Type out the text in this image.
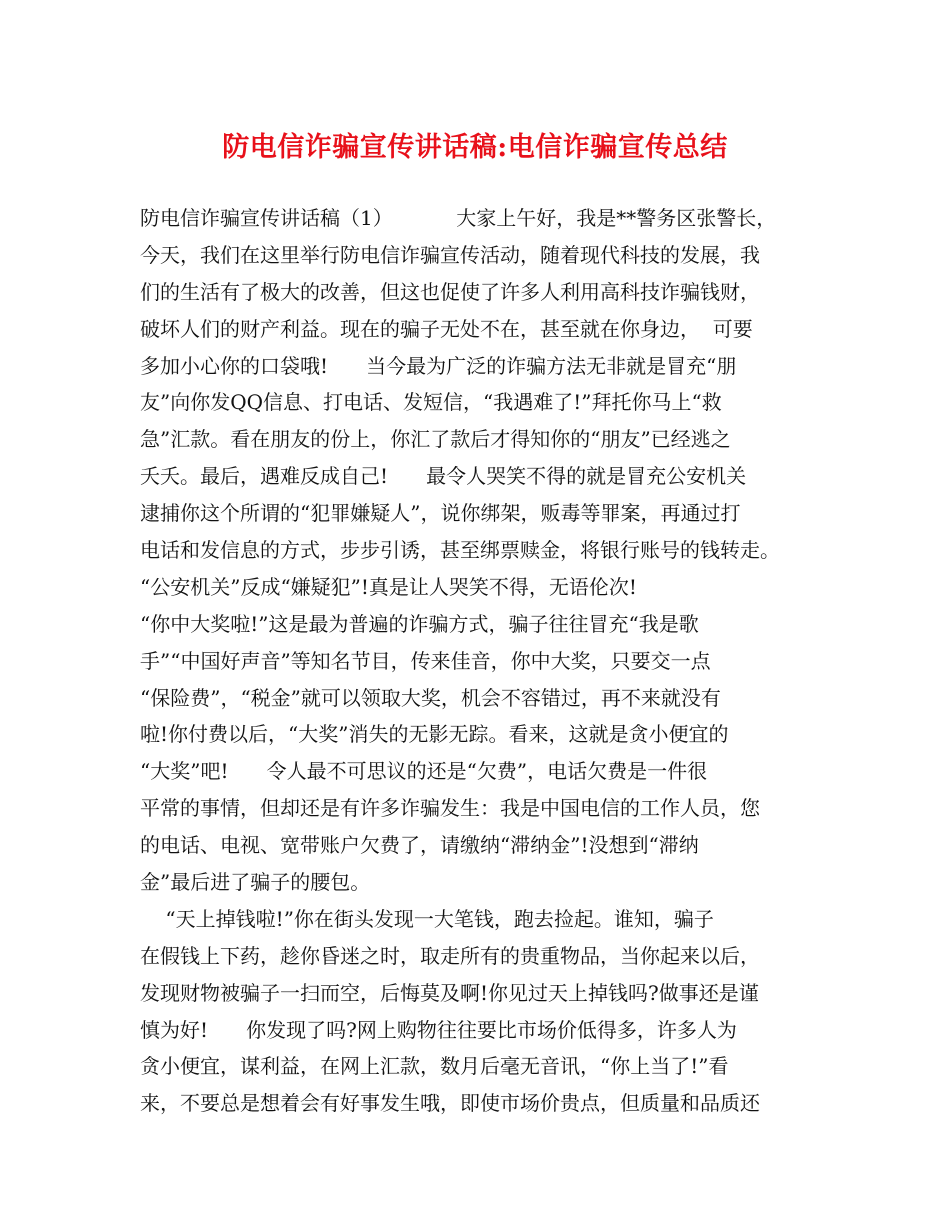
防电信诈骗宣传讲话稿:电信诈骗宣传总结
防电信诈骗宣传讲话稿（1）          大家上午好，我是**警务区张警长，
今天，我们在这里举行防电信诈骗宣传活动，随着现代科技的发展，我
们的生活有了极大的改善，但这也促使了许多人利用高科技诈骗钱财，
破坏人们的财产利益。现在的骗子无处不在，甚至就在你身边，  可要
多加小心你的口袋哦!      当今最为广泛的诈骗方法无非就是冒充“朋
友”向你发QQ信息、打电话、发短信，“我遇难了!”拜托你马上“救
急”汇款。看在朋友的份上，你汇了款后才得知你的“朋友”已经逃之
夭夭。最后，遇难反成自己!      最令人哭笑不得的就是冒充公安机关
逮捕你这个所谓的“犯罪嫌疑人”，说你绑架，贩毒等罪案，再通过打
电话和发信息的方式，步步引诱，甚至绑票赎金，将银行账号的钱转走。
“公安机关”反成“嫌疑犯”!真是让人哭笑不得，无语伦次!
“你中大奖啦!”这是最为普遍的诈骗方式，骗子往往冒充“我是歌
手”“中国好声音”等知名节目，传来佳音，你中大奖，只要交一点
“保险费”，“税金”就可以领取大奖，机会不容错过，再不来就没有
啦!你付费以后，“大奖”消失的无影无踪。看来，这就是贪小便宜的
“大奖”吧!      令人最不可思议的还是“欠费”，电话欠费是一件很
平常的事情，但却还是有许多诈骗发生：我是中国电信的工作人员，您
的电话、电视、宽带账户欠费了，请缴纳“滞纳金”!没想到“滞纳
金”最后进了骗子的腰包。
“天上掉钱啦!”你在街头发现一大笔钱，跑去捡起。谁知，骗子
在假钱上下药，趁你昏迷之时，取走所有的贵重物品，当你起来以后，
发现财物被骗子一扫而空，后悔莫及啊!你见过天上掉钱吗?做事还是谨
慎为好!      你发现了吗?网上购物往往要比市场价低得多，许多人为
贪小便宜，谋利益，在网上汇款，数月后毫无音讯，“你上当了!”看
来，不要总是想着会有好事发生哦，即使市场价贵点，但质量和品质还
